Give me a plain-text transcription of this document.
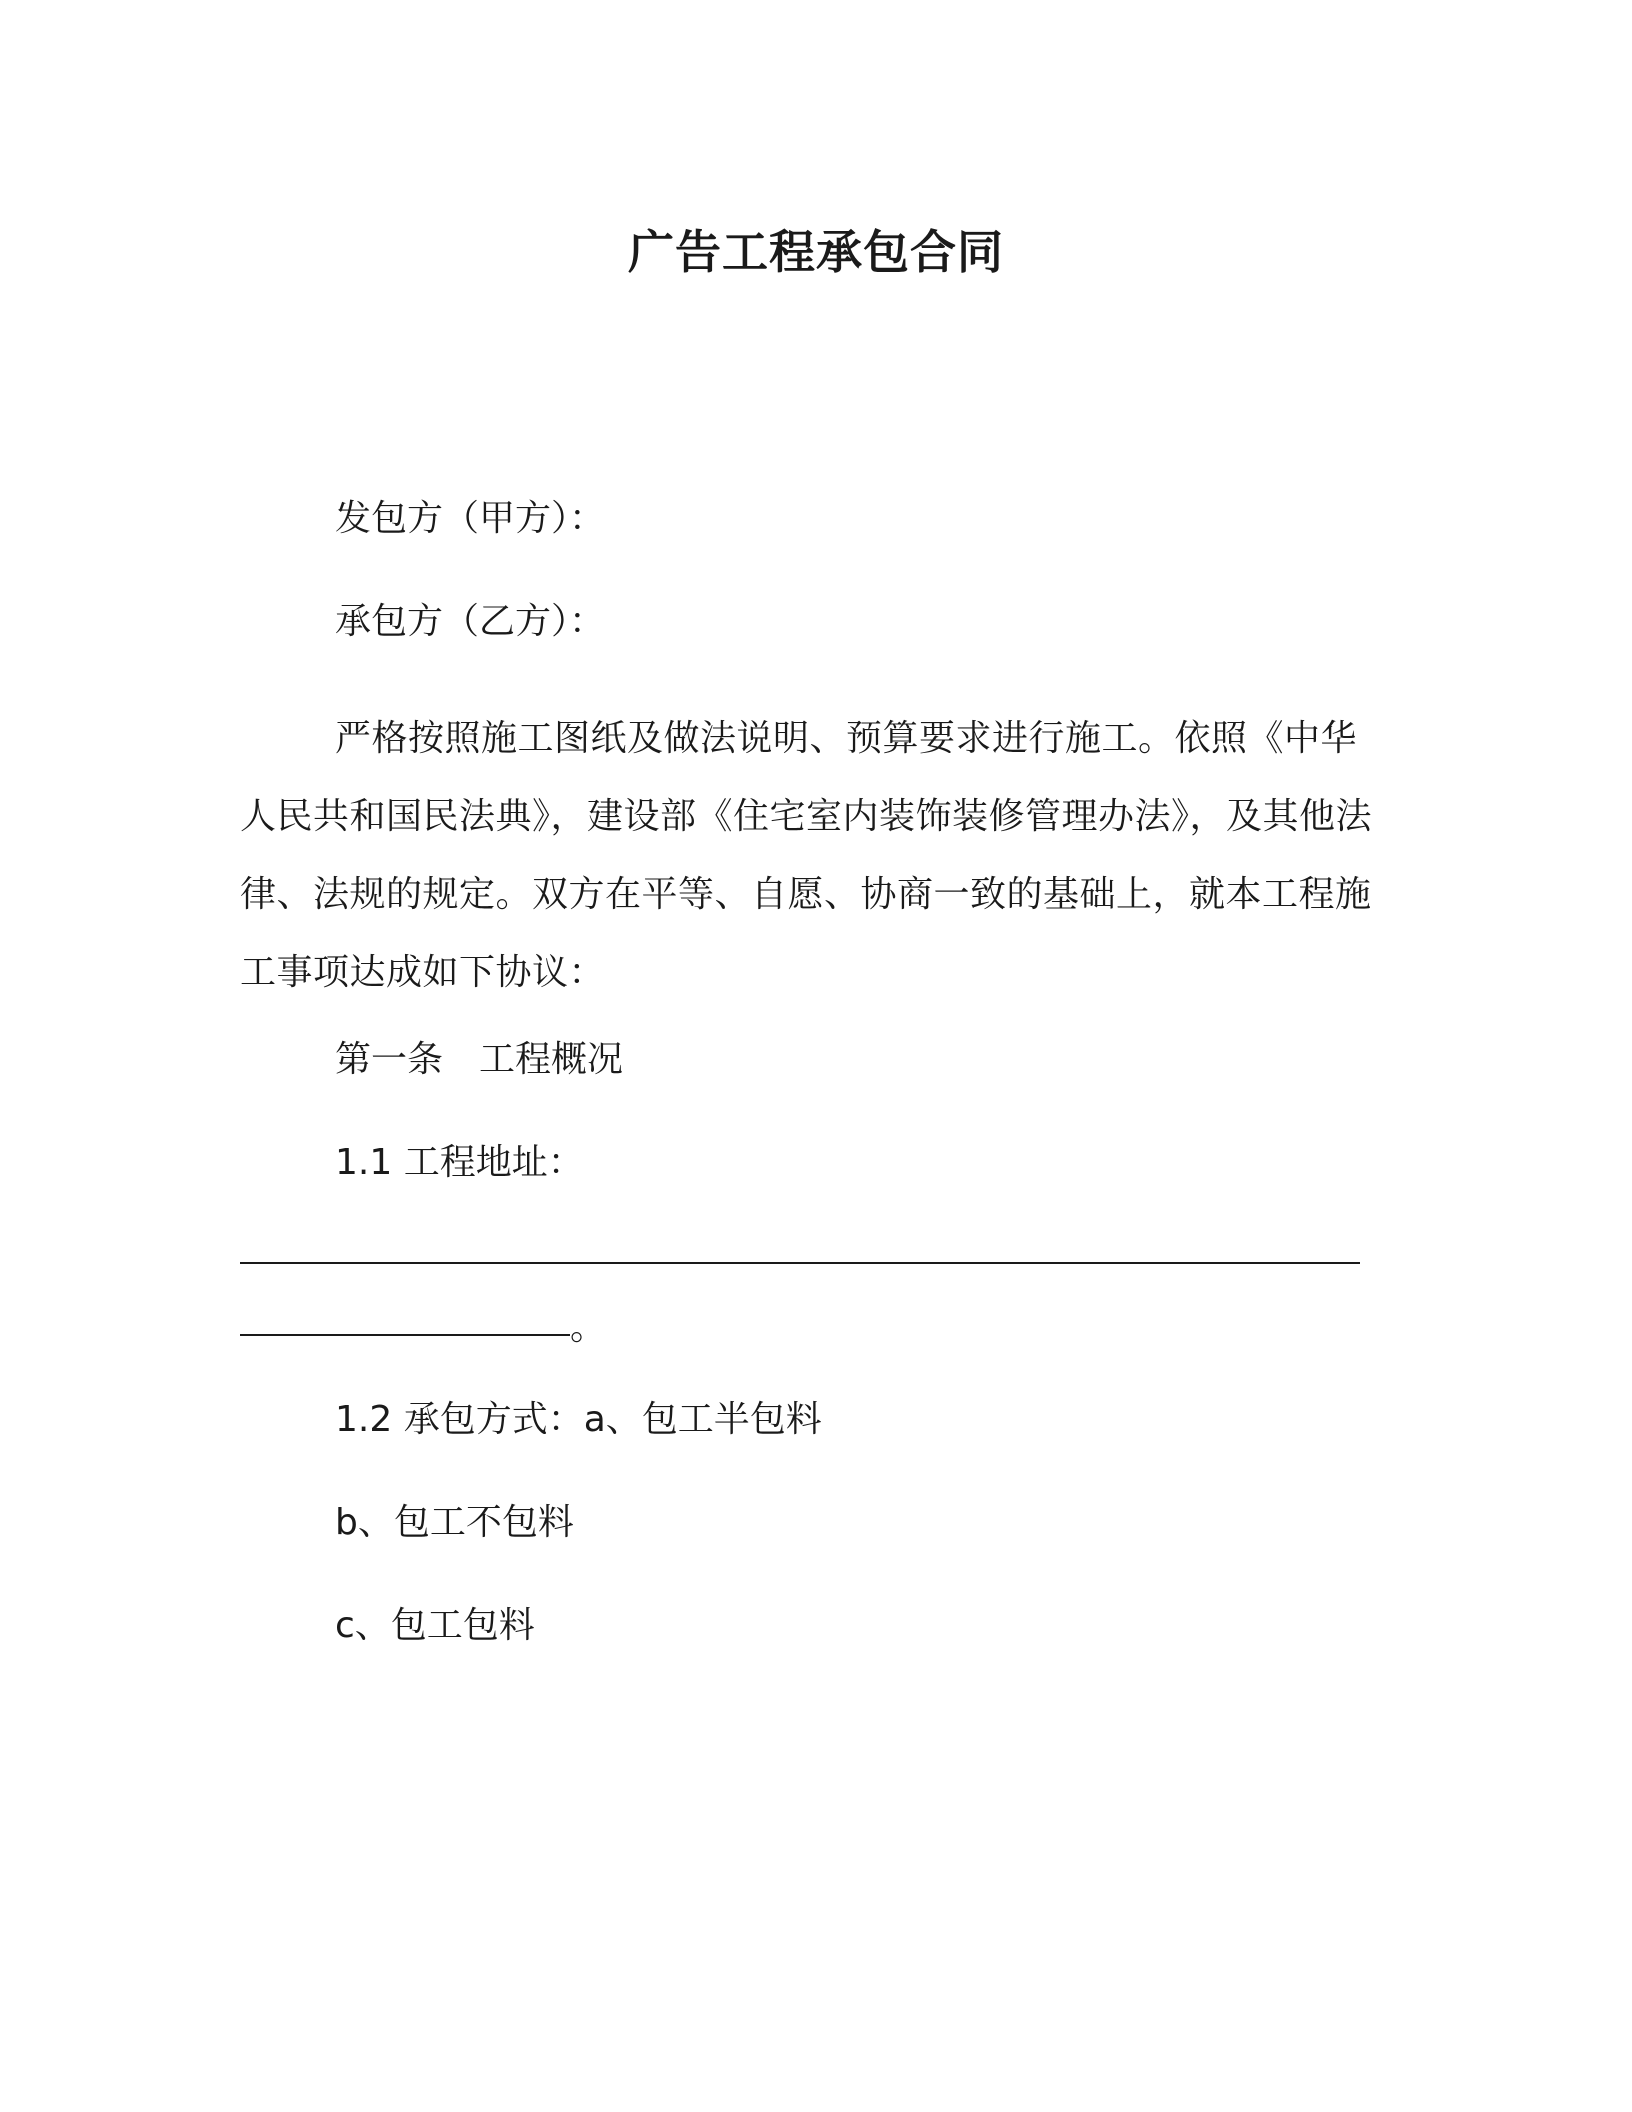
广告工程承包合同
发包方（甲方）：
承包方（乙方）：
严格按照施工图纸及做法说明、预算要求进行施工。依照《中华人民共和国民法典》，建设部《住宅室内装饰装修管理办法》，及其他法律、法规的规定。双方在平等、自愿、协商一致的基础上，就本工程施工事项达成如下协议：
第一条　工程概况
1.1 工程地址：
。
1.2 承包方式：a、包工半包料
b、包工不包料
c、包工包料
